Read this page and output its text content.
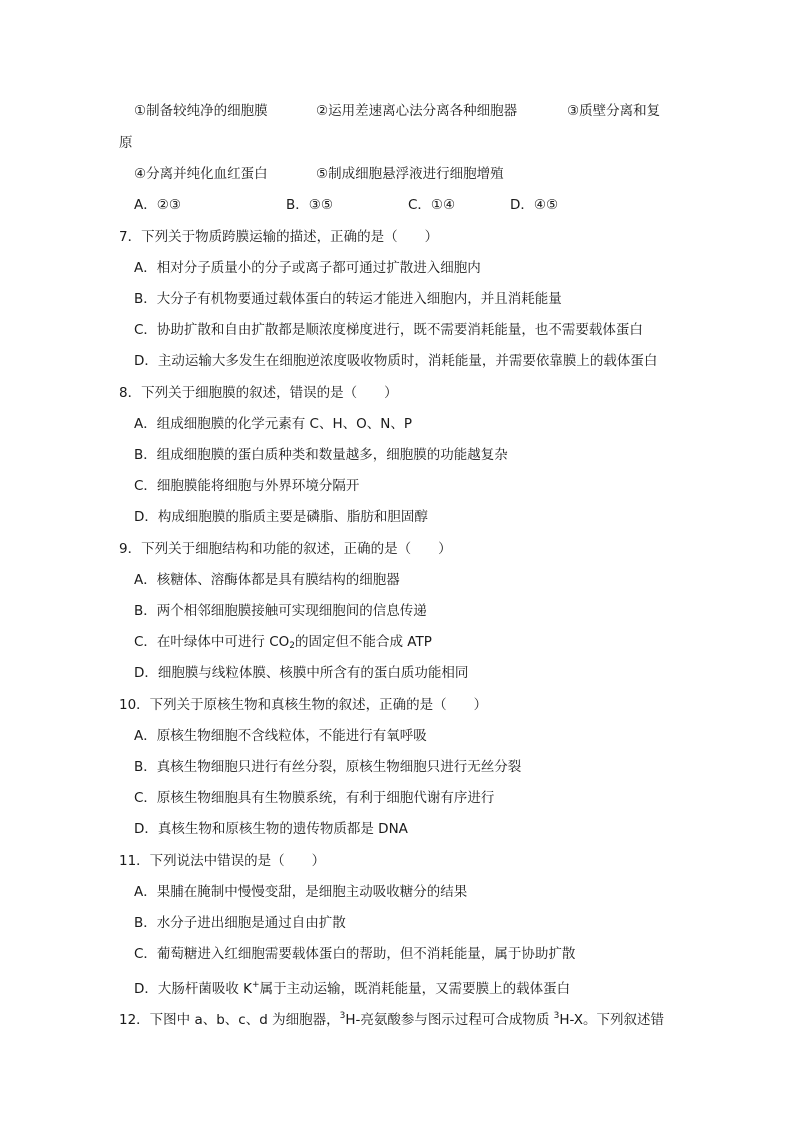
①制备较纯净的细胞膜	②运用差速离心法分离各种细胞器	③质壁分离和复
原
④分离并纯化血红蛋白	⑤制成细胞悬浮液进行细胞增殖
A．②③	B．③⑤	C．①④	D．④⑤
7．下列关于物质跨膜运输的描述，正确的是（　　）
A．相对分子质量小的分子或离子都可通过扩散进入细胞内
B．大分子有机物要通过载体蛋白的转运才能进入细胞内，并且消耗能量
C．协助扩散和自由扩散都是顺浓度梯度进行，既不需要消耗能量，也不需要载体蛋白
D．主动运输大多发生在细胞逆浓度吸收物质时，消耗能量，并需要依靠膜上的载体蛋白
8．下列关于细胞膜的叙述，错误的是（　　）
A．组成细胞膜的化学元素有 C、H、O、N、P
B．组成细胞膜的蛋白质种类和数量越多，细胞膜的功能越复杂
C．细胞膜能将细胞与外界环境分隔开
D．构成细胞膜的脂质主要是磷脂、脂肪和胆固醇
9．下列关于细胞结构和功能的叙述，正确的是（　　）
A．核糖体、溶酶体都是具有膜结构的细胞器
B．两个相邻细胞膜接触可实现细胞间的信息传递
C．在叶绿体中可进行 $CO_2$的固定但不能合成 ATP
D．细胞膜与线粒体膜、核膜中所含有的蛋白质功能相同
10．下列关于原核生物和真核生物的叙述，正确的是（　　）
A．原核生物细胞不含线粒体，不能进行有氧呼吸
B．真核生物细胞只进行有丝分裂，原核生物细胞只进行无丝分裂
C．原核生物细胞具有生物膜系统，有利于细胞代谢有序进行
D．真核生物和原核生物的遗传物质都是 DNA
11．下列说法中错误的是（　　）
A．果脯在腌制中慢慢变甜，是细胞主动吸收糖分的结果
B．水分子进出细胞是通过自由扩散
C．葡萄糖进入红细胞需要载体蛋白的帮助，但不消耗能量，属于协助扩散
D．大肠杆菌吸收 K+属于主动运输，既消耗能量，又需要膜上的载体蛋白
12．下图中 a、b、c、d 为细胞器，$^3$H-亮氨酸参与图示过程可合成物质 $^3$H-X。下列叙述错
